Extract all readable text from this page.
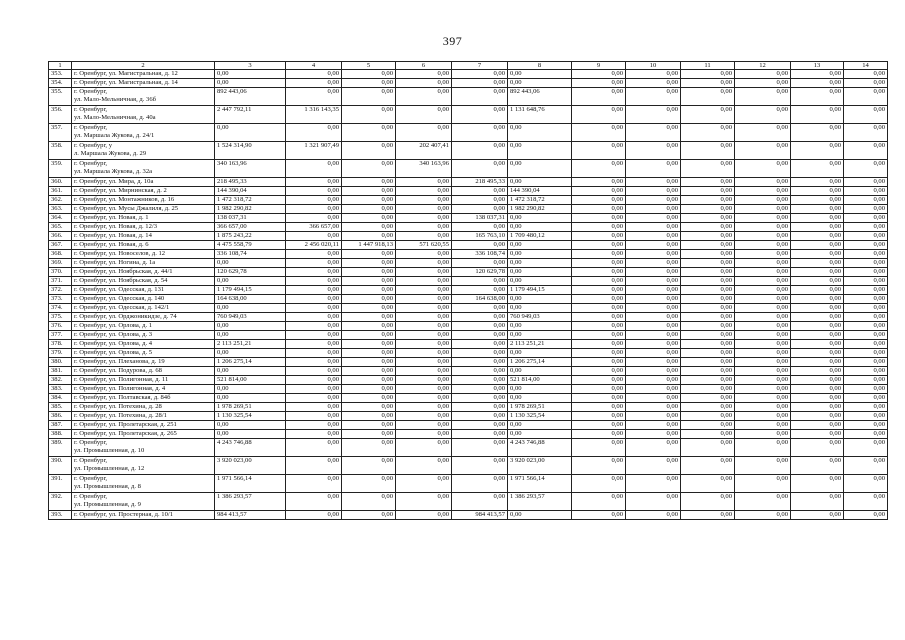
397
1	2	3	4	5	6	7	8	9	10	11	12	13	14
353.	г. Оренбург, ул. Магистральная, д. 12	0,00	0,00	0,00	0,00	0,00	0,00	0,00	0,00	0,00	0,00	0,00	0,00
354.	г. Оренбург, ул. Магистральная, д. 14	0,00	0,00	0,00	0,00	0,00	0,00	0,00	0,00	0,00	0,00	0,00	0,00
355.	г. Оренбург,
ул. Мало-Мельничная, д. 36б	892 443,06	0,00	0,00	0,00	0,00	892 443,06	0,00	0,00	0,00	0,00	0,00	0,00
356.	г. Оренбург,
ул. Мало-Мельничная, д. 40а	2 447 792,11	1 316 143,35	0,00	0,00	0,00	1 131 648,76	0,00	0,00	0,00	0,00	0,00	0,00
357.	г. Оренбург,
ул. Маршала Жукова, д. 24/1	0,00	0,00	0,00	0,00	0,00	0,00	0,00	0,00	0,00	0,00	0,00	0,00
358.	г. Оренбург, у
л. Маршала Жукова, д. 29	1 524 314,90	1 321 907,49	0,00	202 407,41	0,00	0,00	0,00	0,00	0,00	0,00	0,00	0,00
359.	г. Оренбург,
ул. Маршала Жукова, д. 32а	340 163,96	0,00	0,00	340 163,96	0,00	0,00	0,00	0,00	0,00	0,00	0,00	0,00
360.	г. Оренбург, ул. Мира, д. 10а	218 495,33	0,00	0,00	0,00	218 495,33	0,00	0,00	0,00	0,00	0,00	0,00	0,00
361.	г. Оренбург, ул. Мирнинская, д. 2	144 390,04	0,00	0,00	0,00	0,00	144 390,04	0,00	0,00	0,00	0,00	0,00	0,00
362.	г. Оренбург, ул. Монтажников, д. 16	1 472 318,72	0,00	0,00	0,00	0,00	1 472 318,72	0,00	0,00	0,00	0,00	0,00	0,00
363.	г. Оренбург, ул. Мусы Джалиля, д. 25	1 982 290,82	0,00	0,00	0,00	0,00	1 982 290,82	0,00	0,00	0,00	0,00	0,00	0,00
364.	г. Оренбург, ул. Новая, д. 1	138 037,31	0,00	0,00	0,00	138 037,31	0,00	0,00	0,00	0,00	0,00	0,00	0,00
365.	г. Оренбург, ул. Новая, д. 12/3	366 657,00	366 657,00	0,00	0,00	0,00	0,00	0,00	0,00	0,00	0,00	0,00	0,00
366.	г. Оренбург, ул. Новая, д. 14	1 875 243,22	0,00	0,00	0,00	165 763,10	1 709 480,12	0,00	0,00	0,00	0,00	0,00	0,00
367.	г. Оренбург, ул. Новая, д. 6	4 475 558,79	2 456 020,11	1 447 918,13	571 620,55	0,00	0,00	0,00	0,00	0,00	0,00	0,00	0,00
368.	г. Оренбург, ул. Новоселов, д. 12	336 108,74	0,00	0,00	0,00	336 108,74	0,00	0,00	0,00	0,00	0,00	0,00	0,00
369.	г. Оренбург, ул. Ногина, д. 1а	0,00	0,00	0,00	0,00	0,00	0,00	0,00	0,00	0,00	0,00	0,00	0,00
370.	г. Оренбург, ул. Ноябрьская, д. 44/1	120 629,78	0,00	0,00	0,00	120 629,78	0,00	0,00	0,00	0,00	0,00	0,00	0,00
371.	г. Оренбург, ул. Ноябрьская, д. 54	0,00	0,00	0,00	0,00	0,00	0,00	0,00	0,00	0,00	0,00	0,00	0,00
372.	г. Оренбург, ул. Одесская, д. 131	1 179 494,15	0,00	0,00	0,00	0,00	1 179 494,15	0,00	0,00	0,00	0,00	0,00	0,00
373.	г. Оренбург, ул. Одесская, д. 140	164 638,00	0,00	0,00	0,00	164 638,00	0,00	0,00	0,00	0,00	0,00	0,00	0,00
374.	г. Оренбург, ул. Одесская, д. 142/1	0,00	0,00	0,00	0,00	0,00	0,00	0,00	0,00	0,00	0,00	0,00	0,00
375.	г. Оренбург, ул. Орджоникидзе, д. 74	760 949,03	0,00	0,00	0,00	0,00	760 949,03	0,00	0,00	0,00	0,00	0,00	0,00
376.	г. Оренбург, ул. Орлова, д. 1	0,00	0,00	0,00	0,00	0,00	0,00	0,00	0,00	0,00	0,00	0,00	0,00
377.	г. Оренбург, ул. Орлова, д. 3	0,00	0,00	0,00	0,00	0,00	0,00	0,00	0,00	0,00	0,00	0,00	0,00
378.	г. Оренбург, ул. Орлова, д. 4	2 113 251,21	0,00	0,00	0,00	0,00	2 113 251,21	0,00	0,00	0,00	0,00	0,00	0,00
379.	г. Оренбург, ул. Орлова, д. 5	0,00	0,00	0,00	0,00	0,00	0,00	0,00	0,00	0,00	0,00	0,00	0,00
380.	г. Оренбург, ул. Плеханова, д. 19	1 206 275,14	0,00	0,00	0,00	0,00	1 206 275,14	0,00	0,00	0,00	0,00	0,00	0,00
381.	г. Оренбург, ул. Подурова, д. 68	0,00	0,00	0,00	0,00	0,00	0,00	0,00	0,00	0,00	0,00	0,00	0,00
382.	г. Оренбург, ул. Полигонная, д. 11	521 814,00	0,00	0,00	0,00	0,00	521 814,00	0,00	0,00	0,00	0,00	0,00	0,00
383.	г. Оренбург, ул. Полигонная, д. 4	0,00	0,00	0,00	0,00	0,00	0,00	0,00	0,00	0,00	0,00	0,00	0,00
384.	г. Оренбург, ул. Полтавская, д. 84б	0,00	0,00	0,00	0,00	0,00	0,00	0,00	0,00	0,00	0,00	0,00	0,00
385.	г. Оренбург, ул. Потехина, д. 28	1 978 269,51	0,00	0,00	0,00	0,00	1 978 269,51	0,00	0,00	0,00	0,00	0,00	0,00
386.	г. Оренбург, ул. Потехина, д. 28/1	1 130 325,54	0,00	0,00	0,00	0,00	1 130 325,54	0,00	0,00	0,00	0,00	0,00	0,00
387.	г. Оренбург, ул. Пролетарская, д. 251	0,00	0,00	0,00	0,00	0,00	0,00	0,00	0,00	0,00	0,00	0,00	0,00
388.	г. Оренбург, ул. Пролетарская, д. 265	0,00	0,00	0,00	0,00	0,00	0,00	0,00	0,00	0,00	0,00	0,00	0,00
389.	г. Оренбург,
ул. Промышленная, д. 10	4 243 746,88	0,00	0,00	0,00	0,00	4 243 746,88	0,00	0,00	0,00	0,00	0,00	0,00
390.	г. Оренбург,
ул. Промышленная, д. 12	3 920 023,00	0,00	0,00	0,00	0,00	3 920 023,00	0,00	0,00	0,00	0,00	0,00	0,00
391.	г. Оренбург,
ул. Промышленная, д. 8	1 971 566,14	0,00	0,00	0,00	0,00	1 971 566,14	0,00	0,00	0,00	0,00	0,00	0,00
392.	г. Оренбург,
ул. Промышленная, д. 9	1 386 293,57	0,00	0,00	0,00	0,00	1 386 293,57	0,00	0,00	0,00	0,00	0,00	0,00
393.	г. Оренбург, ул. Простерная, д. 10/1	984 413,57	0,00	0,00	0,00	984 413,57	0,00	0,00	0,00	0,00	0,00	0,00	0,00
